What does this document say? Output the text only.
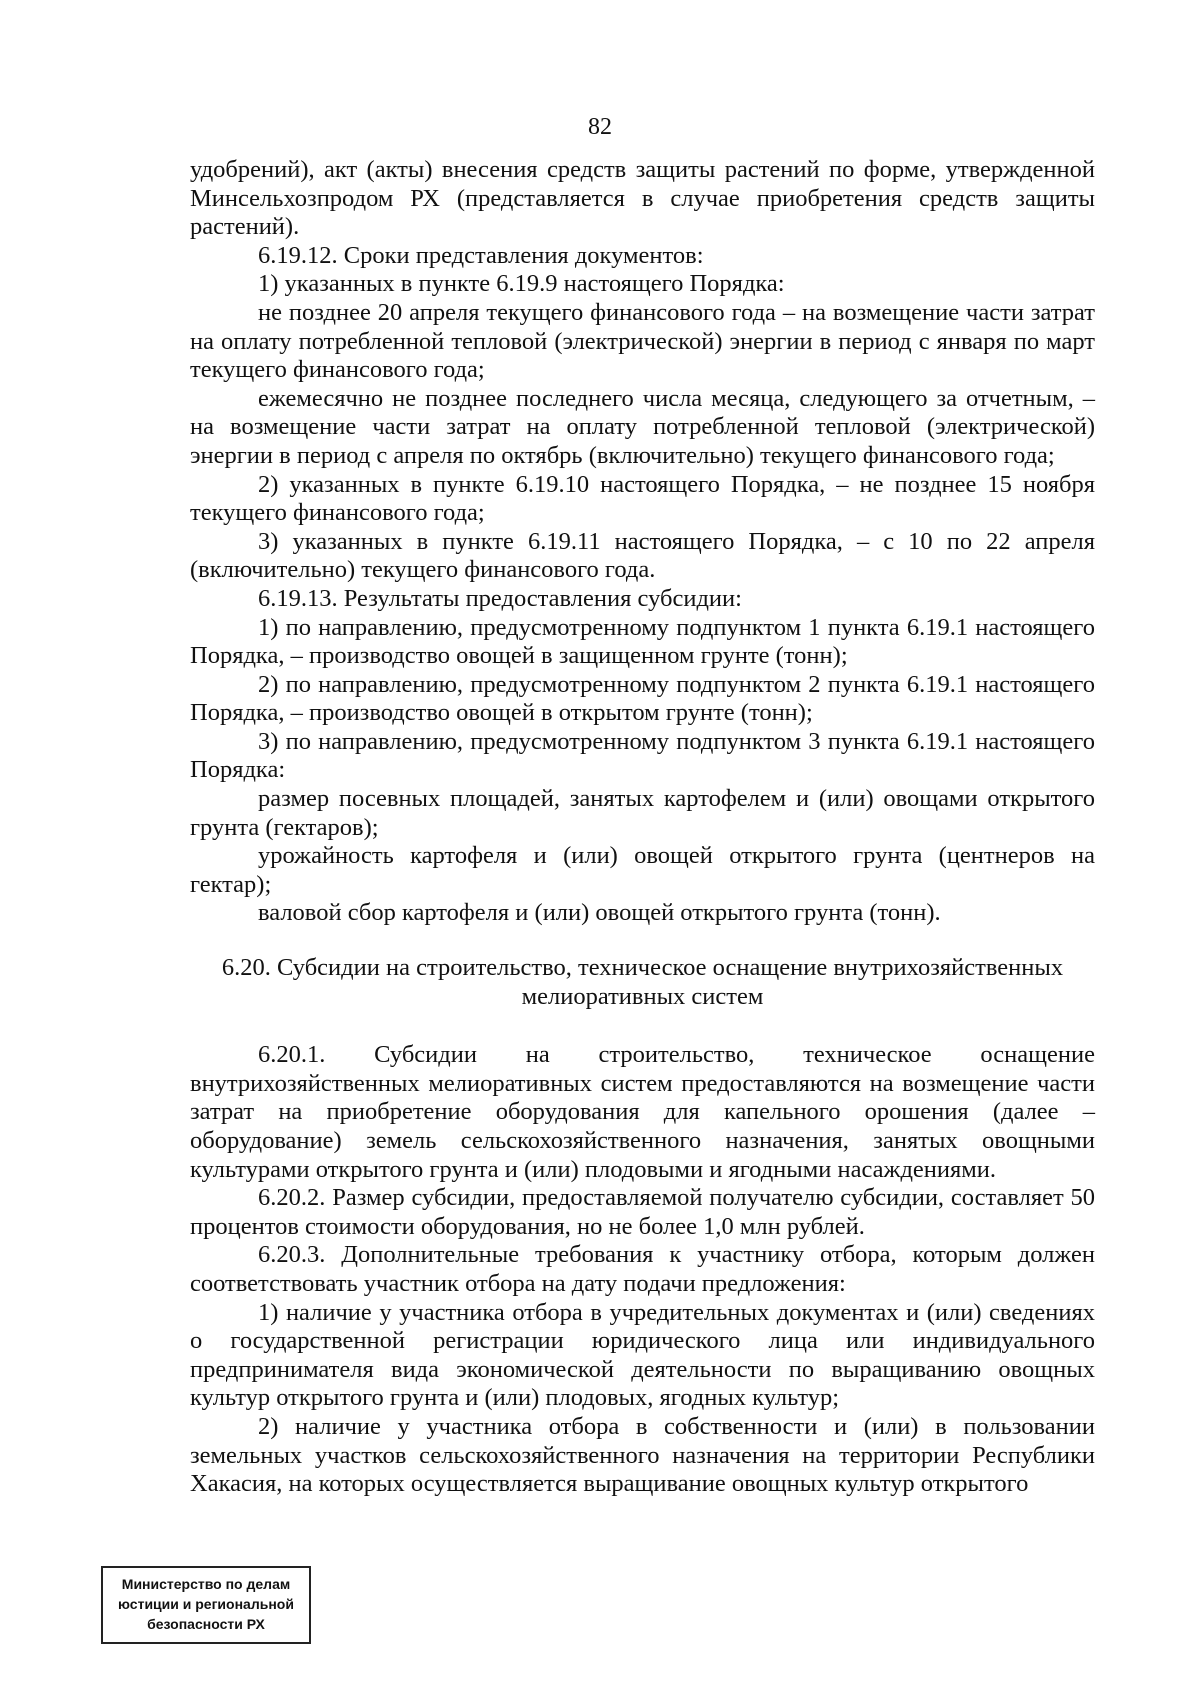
82

удобрений), акт (акты) внесения средств защиты растений по форме, утвержденной Минсельхозпродом РХ (представляется в случае приобретения средств защиты растений).

6.19.12. Сроки представления документов:

1) указанных в пункте 6.19.9 настоящего Порядка:

не позднее 20 апреля текущего финансового года – на возмещение части затрат на оплату потребленной тепловой (электрической) энергии в период с января по март текущего финансового года;

ежемесячно не позднее последнего числа месяца, следующего за отчетным, – на возмещение части затрат на оплату потребленной тепловой (электрической) энергии в период с апреля по октябрь (включительно) текущего финансового года;

2) указанных в пункте 6.19.10 настоящего Порядка, – не позднее 15 ноября текущего финансового года;

3) указанных в пункте 6.19.11 настоящего Порядка, – с 10 по 22 апреля (включительно) текущего финансового года.

6.19.13. Результаты предоставления субсидии:

1) по направлению, предусмотренному подпунктом 1 пункта 6.19.1 настоящего Порядка, – производство овощей в защищенном грунте (тонн);

2) по направлению, предусмотренному подпунктом 2 пункта 6.19.1 настоящего Порядка, – производство овощей в открытом грунте (тонн);

3) по направлению, предусмотренному подпунктом 3 пункта 6.19.1 настоящего Порядка:

размер посевных площадей, занятых картофелем и (или) овощами открытого грунта (гектаров);

урожайность картофеля и (или) овощей открытого грунта (центнеров на гектар);

валовой сбор картофеля и (или) овощей открытого грунта (тонн).

6.20. Субсидии на строительство, техническое оснащение внутрихозяйственных
мелиоративных систем

6.20.1. Субсидии на строительство, техническое оснащение внутрихозяйственных мелиоративных систем предоставляются на возмещение части затрат на приобретение оборудования для капельного орошения (далее – оборудование) земель сельскохозяйственного назначения, занятых овощными культурами открытого грунта и (или) плодовыми и ягодными насаждениями.

6.20.2. Размер субсидии, предоставляемой получателю субсидии, составляет 50 процентов стоимости оборудования, но не более 1,0 млн рублей.

6.20.3. Дополнительные требования к участнику отбора, которым должен соответствовать участник отбора на дату подачи предложения:

1) наличие у участника отбора в учредительных документах и (или) сведениях о государственной регистрации юридического лица или индивидуального предпринимателя вида экономической деятельности по выращиванию овощных культур открытого грунта и (или) плодовых, ягодных культур;

2) наличие у участника отбора в собственности и (или) в пользовании земельных участков сельскохозяйственного назначения на территории Республики Хакасия, на которых осуществляется выращивание овощных культур открытого

Министерство по делам
юстиции и региональной
безопасности РХ
